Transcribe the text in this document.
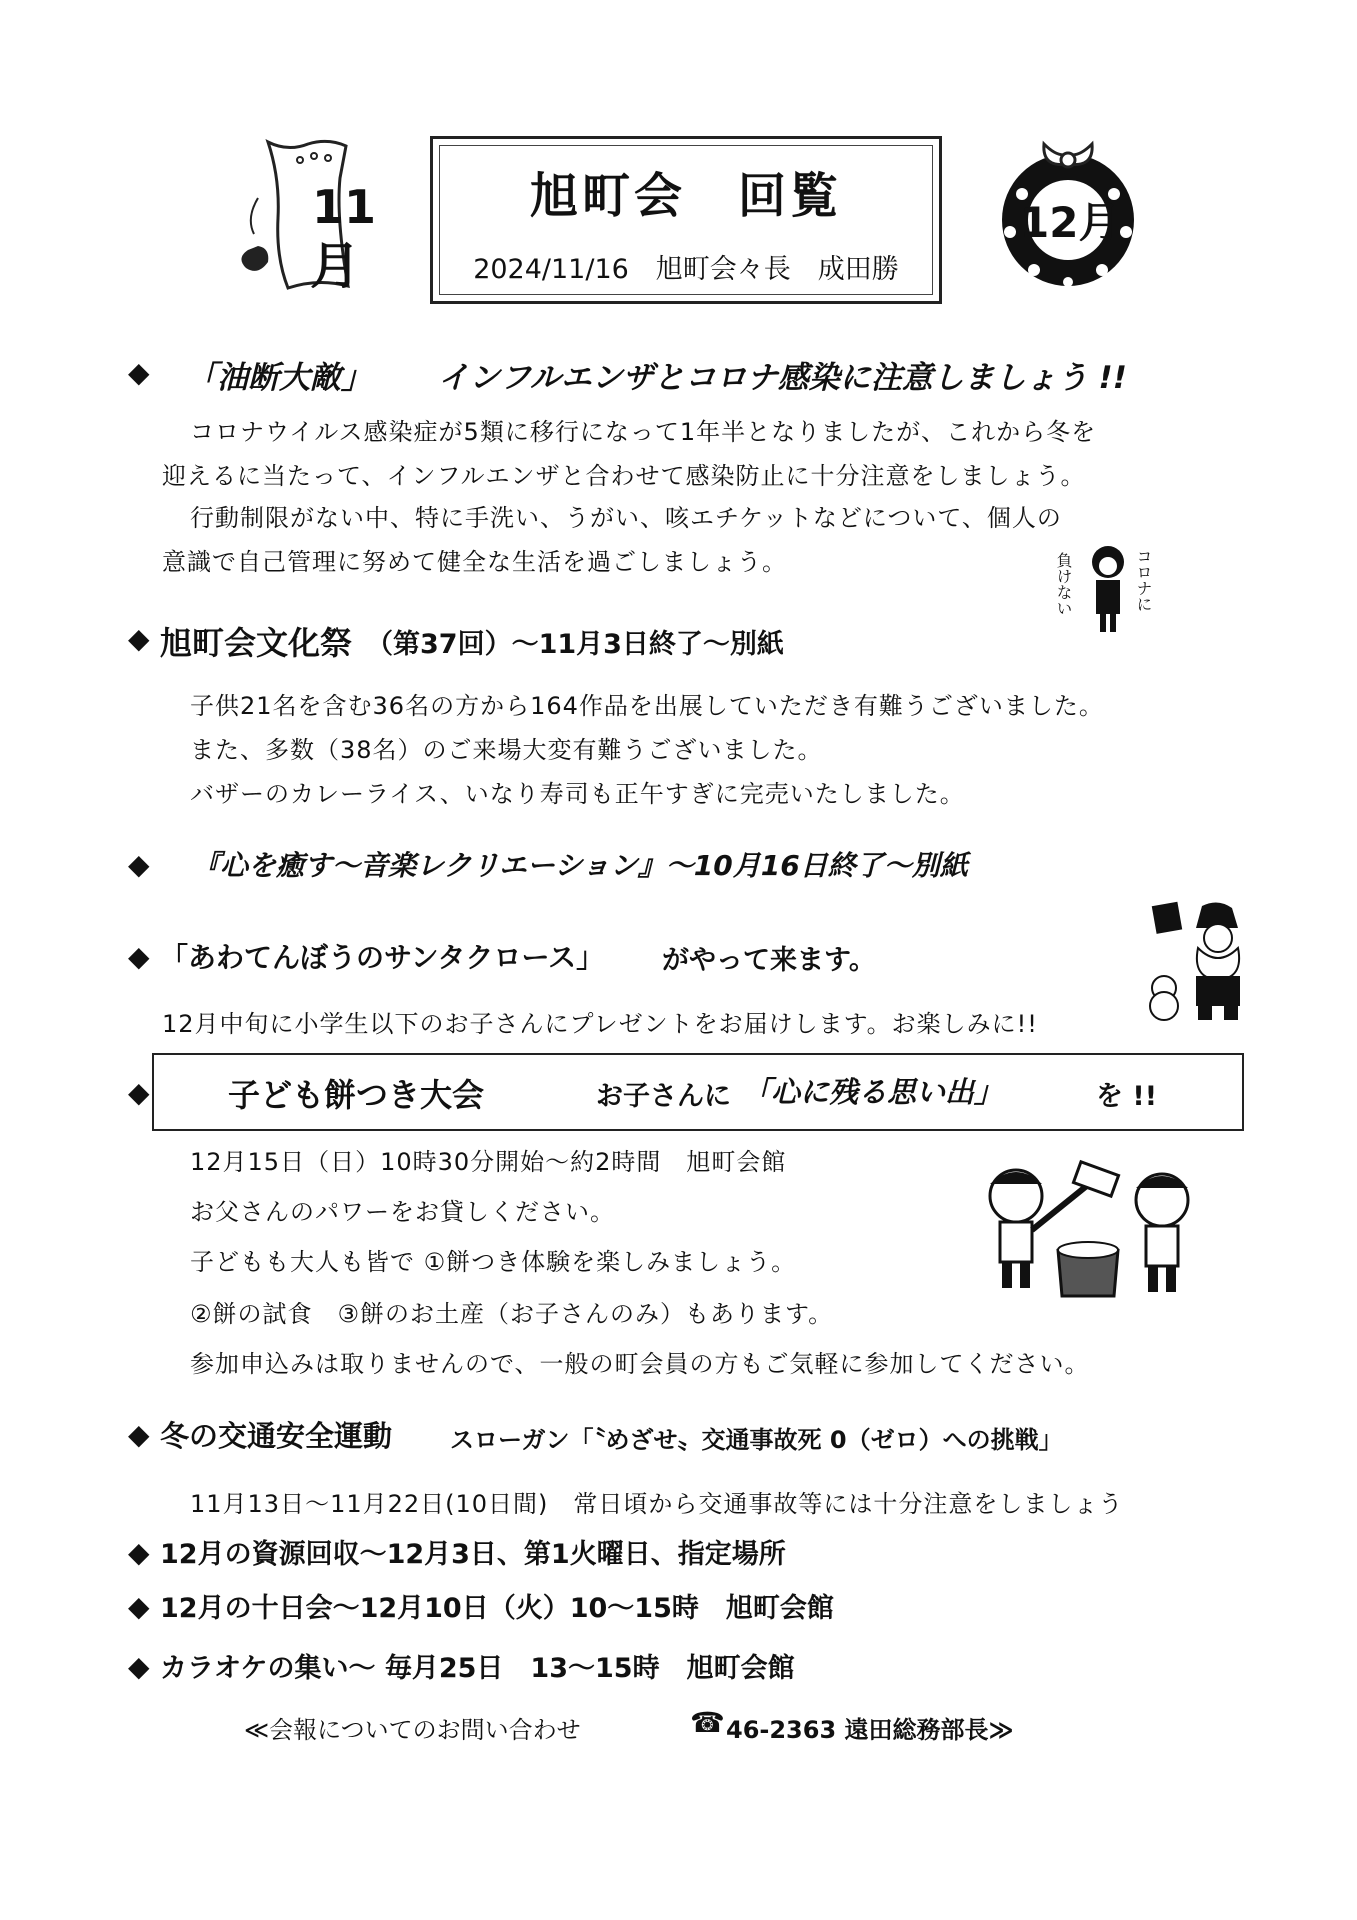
11
月
旭町会　回覧
2024/11/16　旭町会々長　成田勝
12月
◆ 「油断大敵」 インフルエンザとコロナ感染に注意しましょう !!
コロナウイルス感染症が5類に移行になって1年半となりましたが、これから冬を
迎えるに当たって、インフルエンザと合わせて感染防止に十分注意をしましょう。
行動制限がない中、特に手洗い、うがい、咳エチケットなどについて、個人の
意識で自己管理に努めて健全な生活を過ごしましょう。	負けない	コロナに
◆ 旭町会文化祭 （第37回）～11月3日終了～別紙
子供21名を含む36名の方から164作品を出展していただき有難うございました。
また、多数（38名）のご来場大変有難うございました。
バザーのカレーライス、いなり寿司も正午すぎに完売いたしました。
◆ 『心を癒す～音楽レクリエーション』～10月16日終了～別紙
◆ 「あわてんぼうのサンタクロース」 がやって来ます。
12月中旬に小学生以下のお子さんにプレゼントをお届けします。お楽しみに!!
◆ 子ども餅つき大会	お子さんに 「心に残る思い出」	を !!
12月15日（日）10時30分開始～約2時間　旭町会館
お父さんのパワーをお貸しください。
子どもも大人も皆で ①餅つき体験を楽しみましょう。
②餅の試食　③餅のお土産（お子さんのみ）もあります。
参加申込みは取りませんので、一般の町会員の方もご気軽に参加してください。
◆ 冬の交通安全運動 スローガン「〝めざせ〟交通事故死 0（ゼロ）への挑戦」
11月13日～11月22日(10日間)　常日頃から交通事故等には十分注意をしましょう
◆ 12月の資源回収～12月3日、第1火曜日、指定場所
◆ 12月の十日会～12月10日（火）10～15時　旭町会館
◆ カラオケの集い～ 毎月25日　13～15時　旭町会館
≪会報についてのお問い合わせ	☎ 46-2363 遠田総務部長≫
